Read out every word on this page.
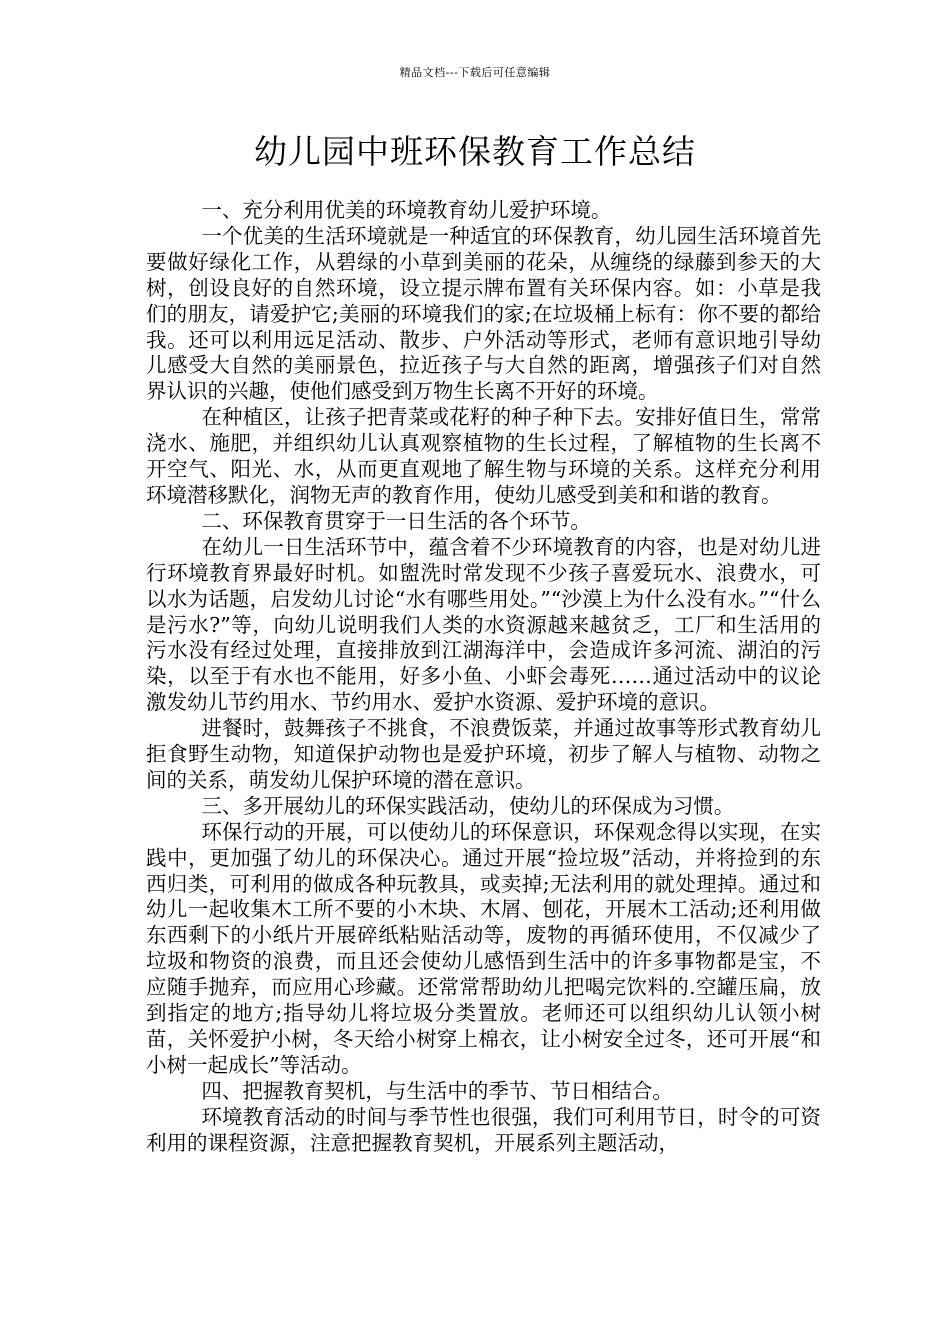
精品文档---下载后可任意编辑
幼儿园中班环保教育工作总结

一、充分利用优美的环境教育幼儿爱护环境。

一个优美的生活环境就是一种适宜的环保教育，幼儿园生活环境首先要做好绿化工作，从碧绿的小草到美丽的花朵，从缠绕的绿藤到参天的大树，创设良好的自然环境，设立提示牌布置有关环保内容。如：小草是我们的朋友，请爱护它;美丽的环境我们的家;在垃圾桶上标有：你不要的都给我。还可以利用远足活动、散步、户外活动等形式，老师有意识地引导幼儿感受大自然的美丽景色，拉近孩子与大自然的距离，增强孩子们对自然界认识的兴趣，使他们感受到万物生长离不开好的环境。

在种植区，让孩子把青菜或花籽的种子种下去。安排好值日生，常常浇水、施肥，并组织幼儿认真观察植物的生长过程，了解植物的生长离不开空气、阳光、水，从而更直观地了解生物与环境的关系。这样充分利用环境潜移默化，润物无声的教育作用，使幼儿感受到美和和谐的教育。

二、环保教育贯穿于一日生活的各个环节。

在幼儿一日生活环节中，蕴含着不少环境教育的内容，也是对幼儿进行环境教育界最好时机。如盥洗时常发现不少孩子喜爱玩水、浪费水，可以水为话题，启发幼儿讨论“水有哪些用处。”“沙漠上为什么没有水。”“什么是污水?”等，向幼儿说明我们人类的水资源越来越贫乏，工厂和生活用的污水没有经过处理，直接排放到江湖海洋中，会造成许多河流、湖泊的污染，以至于有水也不能用，好多小鱼、小虾会毒死……通过活动中的议论激发幼儿节约用水、节约用水、爱护水资源、爱护环境的意识。

进餐时，鼓舞孩子不挑食，不浪费饭菜，并通过故事等形式教育幼儿拒食野生动物，知道保护动物也是爱护环境，初步了解人与植物、动物之间的关系，萌发幼儿保护环境的潜在意识。

三、多开展幼儿的环保实践活动，使幼儿的环保成为习惯。

环保行动的开展，可以使幼儿的环保意识，环保观念得以实现，在实践中，更加强了幼儿的环保决心。通过开展“捡垃圾”活动，并将捡到的东西归类，可利用的做成各种玩教具，或卖掉;无法利用的就处理掉。通过和幼儿一起收集木工所不要的小木块、木屑、刨花，开展木工活动;还利用做东西剩下的小纸片开展碎纸粘贴活动等，废物的再循环使用，不仅减少了垃圾和物资的浪费，而且还会使幼儿感悟到生活中的许多事物都是宝，不应随手抛弃，而应用心珍藏。还常常帮助幼儿把喝完饮料的.空罐压扁，放到指定的地方;指导幼儿将垃圾分类置放。老师还可以组织幼儿认领小树苗，关怀爱护小树，冬天给小树穿上棉衣，让小树安全过冬，还可开展“和小树一起成长”等活动。

四、把握教育契机，与生活中的季节、节日相结合。

环境教育活动的时间与季节性也很强，我们可利用节日，时令的可资利用的课程资源，注意把握教育契机，开展系列主题活动，
